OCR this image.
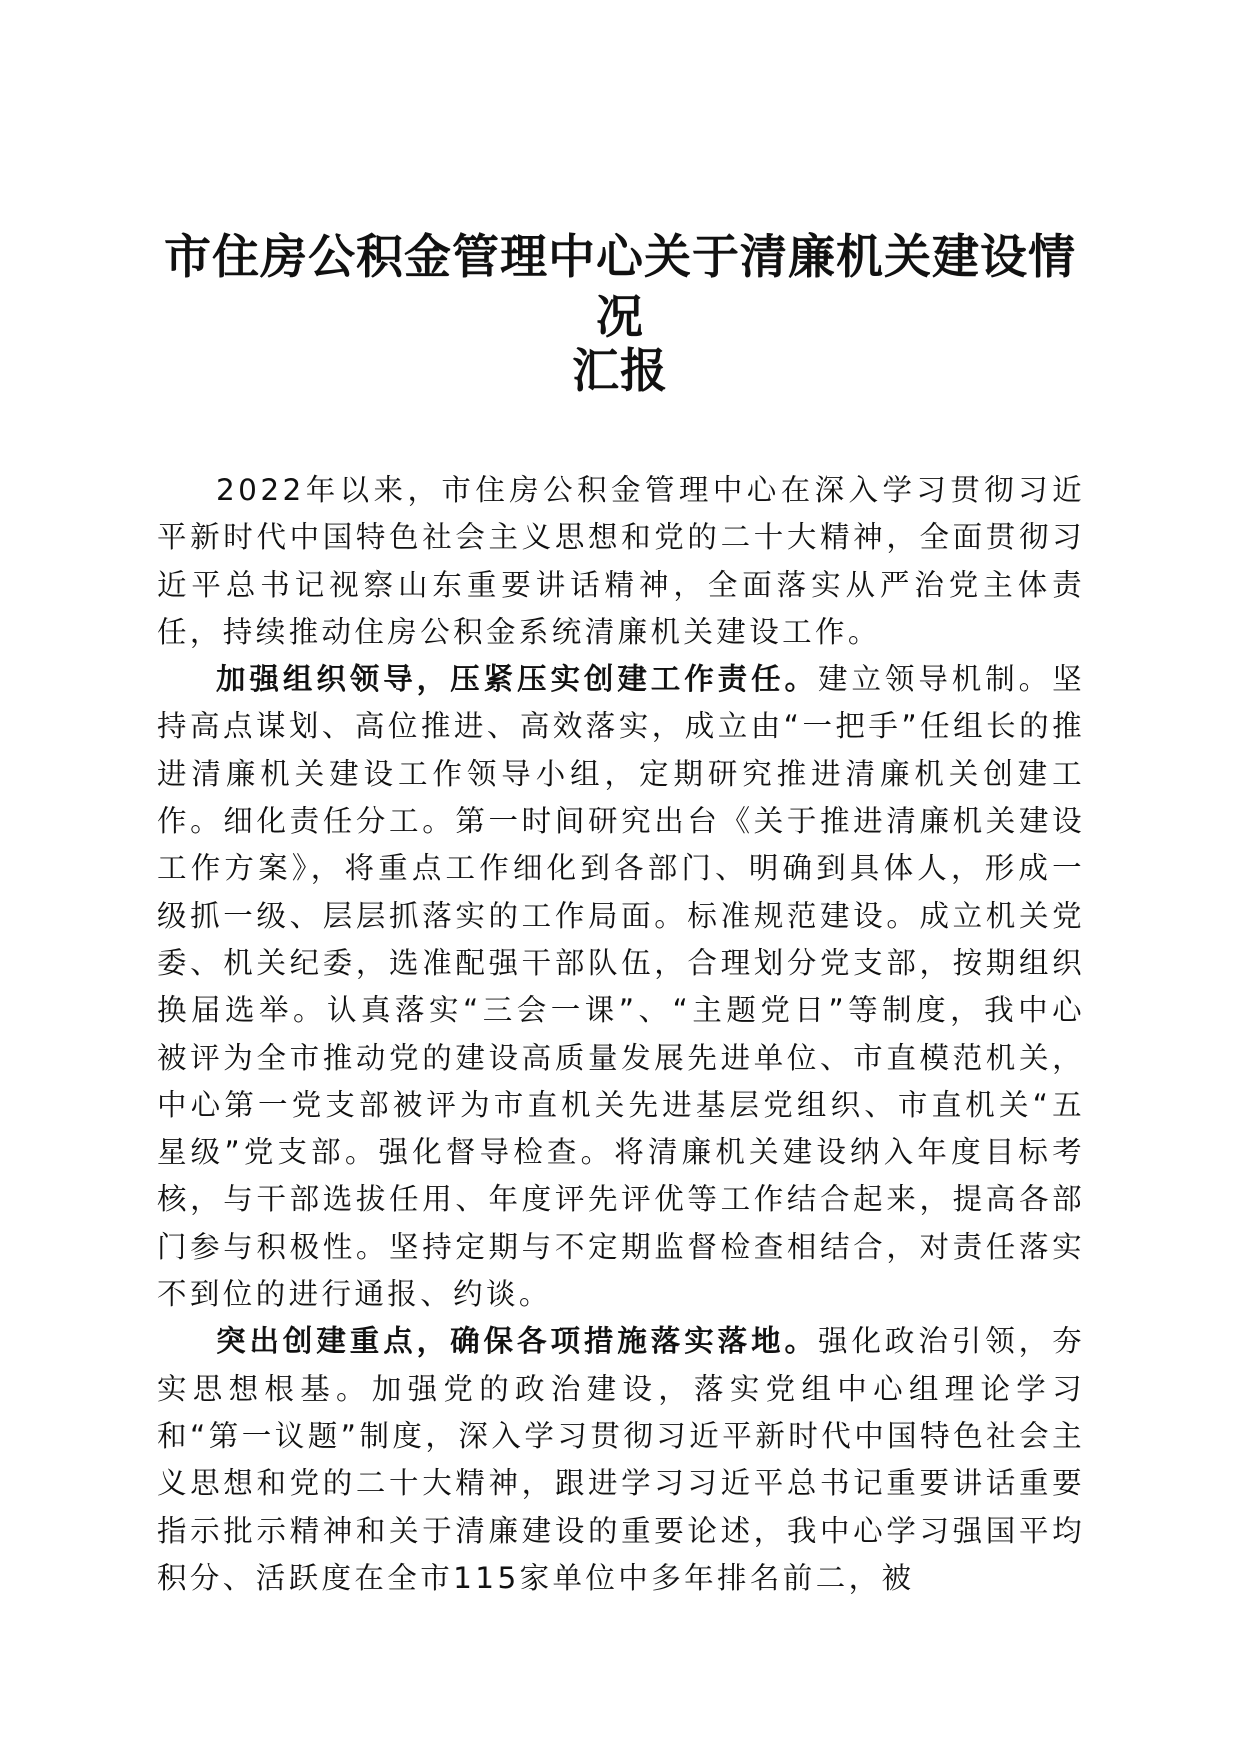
市住房公积金管理中心关于清廉机关建设情况
汇报

2022年以来，市住房公积金管理中心在深入学习贯彻习近平新时代中国特色社会主义思想和党的二十大精神，全面贯彻习近平总书记视察山东重要讲话精神，全面落实从严治党主体责任，持续推动住房公积金系统清廉机关建设工作。

加强组织领导，压紧压实创建工作责任。建立领导机制。坚持高点谋划、高位推进、高效落实，成立由“一把手”任组长的推进清廉机关建设工作领导小组，定期研究推进清廉机关创建工作。细化责任分工。第一时间研究出台《关于推进清廉机关建设工作方案》，将重点工作细化到各部门、明确到具体人，形成一级抓一级、层层抓落实的工作局面。标准规范建设。成立机关党委、机关纪委，选准配强干部队伍，合理划分党支部，按期组织换届选举。认真落实“三会一课”、“主题党日”等制度，我中心被评为全市推动党的建设高质量发展先进单位、市直模范机关，中心第一党支部被评为市直机关先进基层党组织、市直机关“五星级”党支部。强化督导检查。将清廉机关建设纳入年度目标考核，与干部选拔任用、年度评先评优等工作结合起来，提高各部门参与积极性。坚持定期与不定期监督检查相结合，对责任落实不到位的进行通报、约谈。

突出创建重点，确保各项措施落实落地。强化政治引领，夯实思想根基。加强党的政治建设，落实党组中心组理论学习和“第一议题”制度，深入学习贯彻习近平新时代中国特色社会主义思想和党的二十大精神，跟进学习习近平总书记重要讲话重要指示批示精神和关于清廉建设的重要论述，我中心学习强国平均积分、活跃度在全市115家单位中多年排名前二，被
